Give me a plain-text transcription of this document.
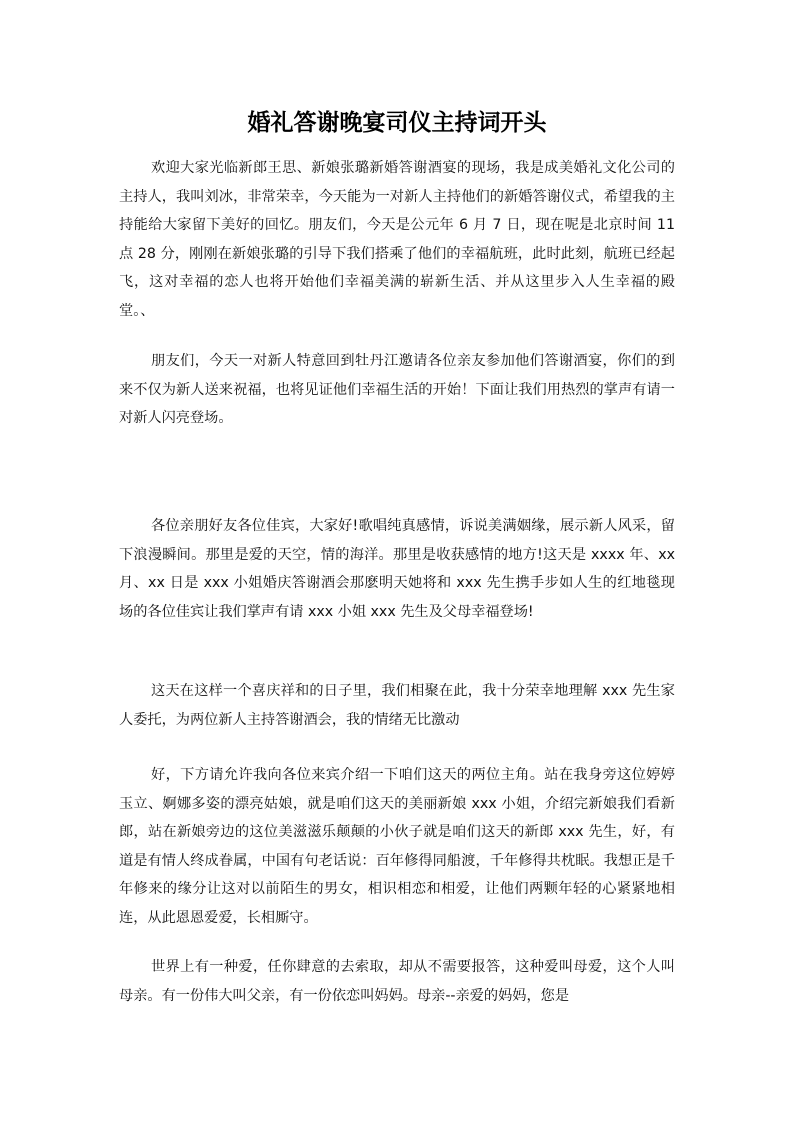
婚礼答谢晚宴司仪主持词开头

欢迎大家光临新郎王思、新娘张璐新婚答谢酒宴的现场，我是成美婚礼文化公司的主持人，我叫刘冰，非常荣幸，今天能为一对新人主持他们的新婚答谢仪式，希望我的主持能给大家留下美好的回忆。朋友们，今天是公元年 6 月 7 日，现在呢是北京时间 11 点 28 分，刚刚在新娘张璐的引导下我们搭乘了他们的幸福航班，此时此刻，航班已经起飞，这对幸福的恋人也将开始他们幸福美满的崭新生活、并从这里步入人生幸福的殿堂。、

朋友们，今天一对新人特意回到牡丹江邀请各位亲友参加他们答谢酒宴，你们的到来不仅为新人送来祝福，也将见证他们幸福生活的开始！下面让我们用热烈的掌声有请一对新人闪亮登场。

各位亲朋好友各位佳宾，大家好!歌唱纯真感情，诉说美满姻缘，展示新人风采，留下浪漫瞬间。那里是爱的天空，情的海洋。那里是收获感情的地方!这天是 xxxx 年、xx 月、xx 日是 xxx 小姐婚庆答谢酒会那麽明天她将和 xxx 先生携手步如人生的红地毯现场的各位佳宾让我们掌声有请 xxx 小姐 xxx 先生及父母幸福登场!

这天在这样一个喜庆祥和的日子里，我们相聚在此，我十分荣幸地理解 xxx 先生家人委托，为两位新人主持答谢酒会，我的情绪无比激动

好，下方请允许我向各位来宾介绍一下咱们这天的两位主角。站在我身旁这位婷婷玉立、婀娜多姿的漂亮姑娘，就是咱们这天的美丽新娘 xxx 小姐，介绍完新娘我们看新郎，站在新娘旁边的这位美滋滋乐颠颠的小伙子就是咱们这天的新郎 xxx 先生，好，有道是有情人终成眷属，中国有句老话说：百年修得同船渡，千年修得共枕眠。我想正是千年修来的缘分让这对以前陌生的男女，相识相恋和相爱，让他们两颗年轻的心紧紧地相连，从此恩恩爱爱，长相厮守。

世界上有一种爱，任你肆意的去索取，却从不需要报答，这种爱叫母爱，这个人叫母亲。有一份伟大叫父亲，有一份依恋叫妈妈。母亲--亲爱的妈妈，您是
